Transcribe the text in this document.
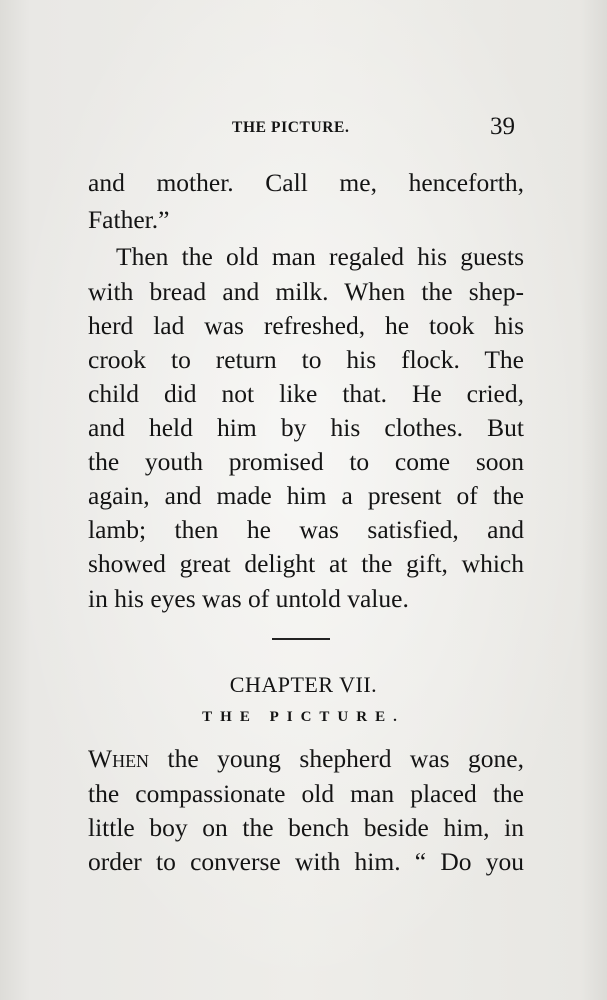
THE PICTURE.	39
and mother. Call me, henceforth,
Father.”
Then the old man regaled his guests
with bread and milk. When the shep-
herd lad was refreshed, he took his
crook to return to his flock. The
child did not like that. He cried,
and held him by his clothes. But
the youth promised to come soon
again, and made him a present of the
lamb; then he was satisfied, and
showed great delight at the gift, which
in his eyes was of untold value.
CHAPTER VII.
THE PICTURE.
When the young shepherd was gone,
the compassionate old man placed the
little boy on the bench beside him, in
order to converse with him. “ Do you
